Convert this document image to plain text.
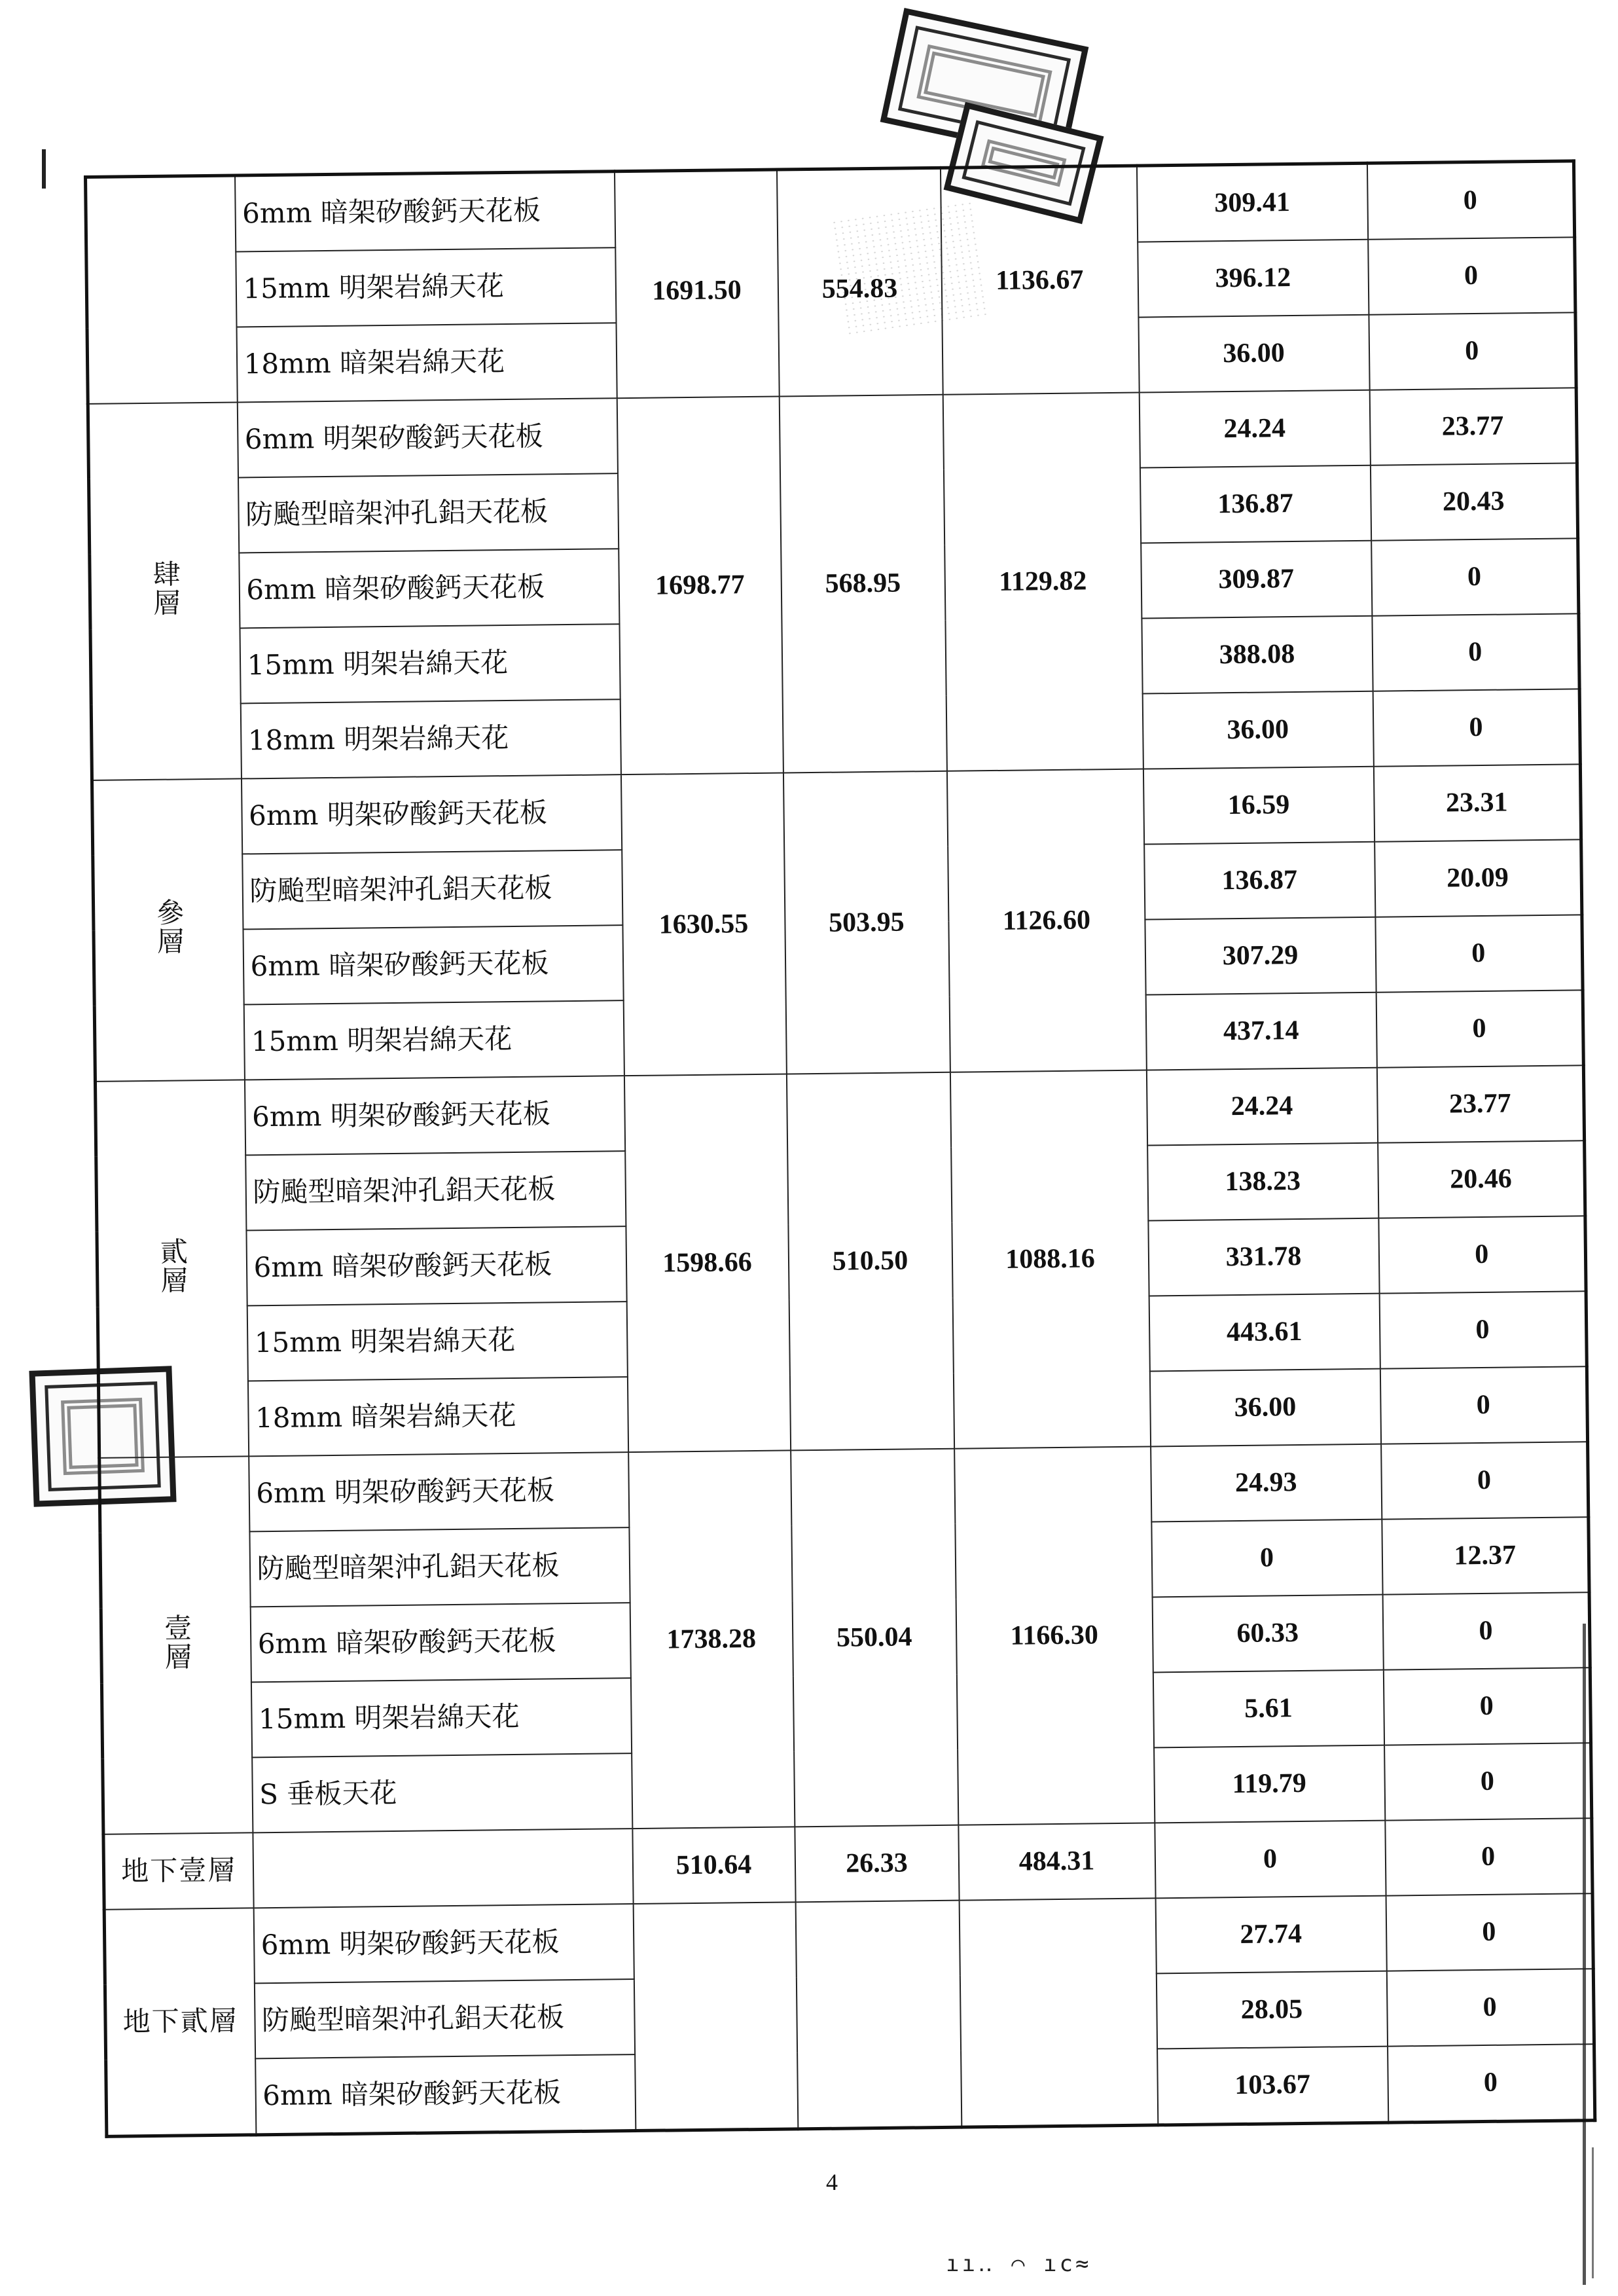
	6mm 暗架矽酸鈣天花板	1691.50	554.83	1136.67	309.41	0
	15mm 明架岩綿天花				396.12	0
	18mm 暗架岩綿天花				36.00	0
肆層	6mm 明架矽酸鈣天花板	1698.77	568.95	1129.82	24.24	23.77
	防颱型暗架沖孔鋁天花板				136.87	20.43
	6mm 暗架矽酸鈣天花板				309.87	0
	15mm 明架岩綿天花				388.08	0
	18mm 明架岩綿天花				36.00	0
參層	6mm 明架矽酸鈣天花板	1630.55	503.95	1126.60	16.59	23.31
	防颱型暗架沖孔鋁天花板				136.87	20.09
	6mm 暗架矽酸鈣天花板				307.29	0
	15mm 明架岩綿天花				437.14	0
貳層	6mm 明架矽酸鈣天花板	1598.66	510.50	1088.16	24.24	23.77
	防颱型暗架沖孔鋁天花板				138.23	20.46
	6mm 暗架矽酸鈣天花板				331.78	0
	15mm 明架岩綿天花				443.61	0
	18mm 暗架岩綿天花				36.00	0
壹層	6mm 明架矽酸鈣天花板	1738.28	550.04	1166.30	24.93	0
	防颱型暗架沖孔鋁天花板				0	12.37
	6mm 暗架矽酸鈣天花板				60.33	0
	15mm 明架岩綿天花				5.61	0
	S 垂板天花				119.79	0
地下壹層		510.64	26.33	484.31	0	0
地下貳層	6mm 明架矽酸鈣天花板				27.74	0
	防颱型暗架沖孔鋁天花板				28.05	0
	6mm 暗架矽酸鈣天花板				103.67	0
4
ıı‥ ⌒ ıc≈
